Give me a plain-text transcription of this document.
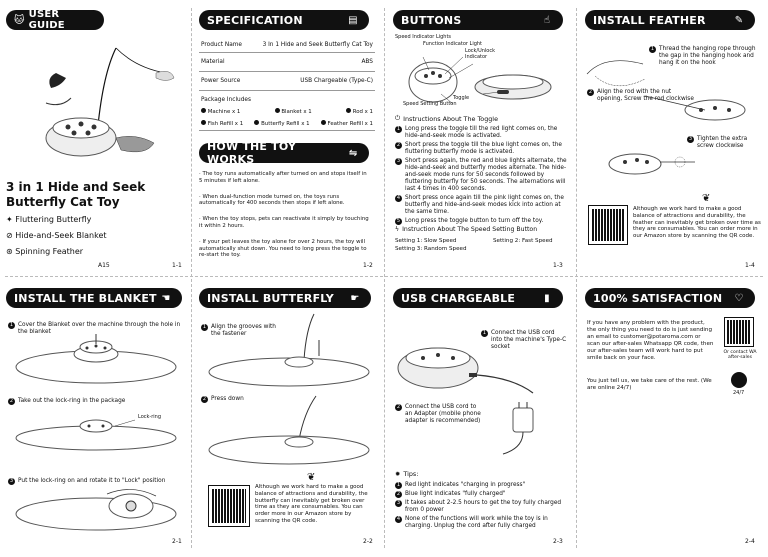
🐱 USER GUIDE
Potaroma
3 in 1 Hide and Seek Butterfly Cat Toy
✦ Fluttering Butterfly
⊘ Hide-and-Seek Blanket
⊛ Spinning Feather
A15	1-1
SPECIFICATION	▤
Product Name	3 In 1 Hide and Seek Butterfly Cat Toy
Material	ABS
Power Source	USB Chargeable (Type-C)
Package Includes
Machine x 1	Blanket x 1	Rod x 1
Fish Refill x 1	Butterfly Refill x 1	Feather Refill x 1
HOW THE TOY WORKS	⇋
· The toy runs automatically after turned on and stops itself in 5 minutes if left alone.
· When dual-function mode turned on, the toys runs automatically for 400 seconds then stops if left alone.
· When the toy stops, pets can reactivate it simply by touching it within 2 hours.
· If your pet leaves the toy alone for over 2 hours, the toy will automatically shut down. You need to long press the toggle to re-start the toy.
1-2
BUTTONS	☝
Speed Indicator Lights
Function Indicator Light
Lock/Unlock Indicator
Toggle
Speed Setting Button
⏻ Instructions About The Toggle
1 Long press the toggle till the red light comes on, the hide-and-seek mode is activated.
2 Short press the toggle till the blue light comes on, the fluttering butterfly mode is activated.
3 Short press again, the red and blue lights alternate, the hide-and-seek and butterfly modes alternate. The hide-and-seek mode runs for 50 seconds followed by fluttering butterfly for 50 seconds. The alternations will last 4 times in 400 seconds.
4 Short press once again till the pink light comes on, the butterfly and hide-and-seek modes kick into action at the same time.
5 Long press the toggle button to turn off the toy.
ϟ Instruction About The Speed Setting Button
Setting 1: Slow Speed	Setting 2: Fast Speed
Setting 3: Random Speed
1-3
INSTALL FEATHER	✎
1 Thread the hanging rope through the gap in the hanging hook and hang it on the hook
2 Align the rod with the nut opening, Screw the rod clockwise
3 Tighten the extra screw clockwise
❦
Although we work hard to make a good balance of attractions and durability, the feather can inevitably get broken over time as they are consumables. You can order more in our Amazon store by scanning the QR code.
1-4
INSTALL THE BLANKET ☚
1 Cover the Blanket over the machine through the hole in the blanket
2 Take out the lock-ring in the package
Lock-ring
3 Put the lock-ring on and rotate it to "Lock" position
2-1
INSTALL BUTTERFLY	☛
1 Align the grooves with the fastener
2 Press down
❦
Although we work hard to make a good balance of attractions and durability, the butterfly can inevitably get broken over time as they are consumables. You can order more in our Amazon store by scanning the QR code.
2-2
USB CHARGEABLE	▮
1 Connect the USB cord into the machine's Type-C socket
2 Connect the USB cord to an Adapter (mobile phone adapter is recommended)
✹ Tips:
1 Red light indicates "charging in progress"
2 Blue light indicates "fully charged"
3 It takes about 2-2.5 hours to get the toy fully charged from 0 power
4 None of the functions will work while the toy is in charging. Unplug the cord after fully charged
2-3
100% SATISFACTION	♡
If you have any problem with the product, the only thing you need to do is just sending an email to customer@potaroma.com or scan our after-sales Whatsapp QR code, then our after-sales team will work hard to put smile back on your face.
Or contact WA after-sales
You just tell us, we take care of the rest. (We are online 24/7)
24/7
2-4
